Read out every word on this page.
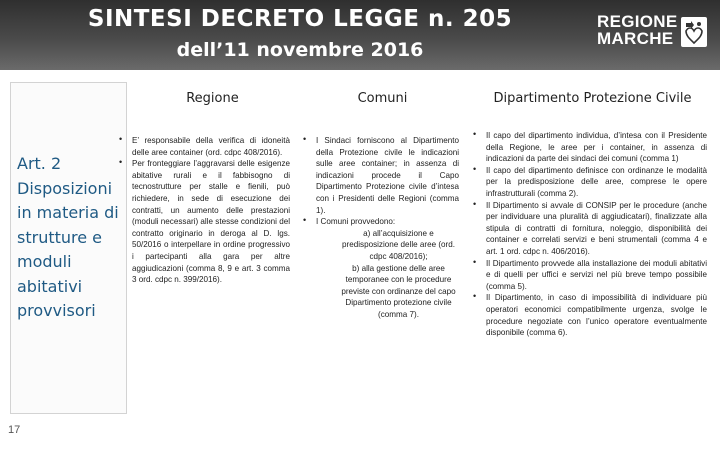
SINTESI DECRETO LEGGE n. 205
dell’11 novembre 2016
REGIONE
MARCHE
Art. 2
Disposizioni
in materia di
strutture e
moduli
abitativi
provvisori
17
Regione
• E’ responsabile della verifica di idoneità delle aree container (ord. cdpc 408/2016).
• Per fronteggiare l’aggravarsi delle esigenze abitative rurali e il fabbisogno di tecnostrutture per stalle e fienili, può richiedere, in sede di esecuzione dei contratti, un aumento delle prestazioni (moduli necessari) alle stesse condizioni del contratto originario in deroga al D. lgs. 50/2016 o interpellare in ordine progressivo i partecipanti alla gara per altre aggiudicazioni (comma 8, 9 e art. 3 comma 3 ord. cdpc n. 399/2016).
Comuni
• I Sindaci forniscono al Dipartimento della Protezione civile le indicazioni sulle aree container; in assenza di indicazioni procede il Capo Dipartimento Protezione civile d’intesa con i Presidenti delle Regioni (comma 1).
• I Comuni provvedono:
a) all’acquisizione e predisposizione delle aree (ord. cdpc 408/2016);
b) alla gestione delle aree temporanee con le procedure previste con ordinanze del capo Dipartimento protezione civile (comma 7).
Dipartimento Protezione Civile
• Il capo del dipartimento individua, d’intesa con il Presidente della Regione, le aree per i container, in assenza di indicazioni da parte dei sindaci dei comuni (comma 1)
• Il capo del dipartimento definisce con ordinanze le modalità per la predisposizione delle aree, comprese le opere infrastrutturali (comma 2).
• Il Dipartimento si avvale di CONSIP per le procedure (anche per individuare una pluralità di aggiudicatari), finalizzate alla stipula di contratti di fornitura, noleggio, disponibilità dei container e correlati servizi e beni strumentali (comma 4 e art. 1 ord. cdpc n. 406/2016).
• Il Dipartimento provvede alla installazione dei moduli abitativi e di quelli per uffici e servizi nel più breve tempo possibile (comma 5).
• Il Dipartimento, in caso di impossibilità di individuare più operatori economici compatibilmente urgenza, svolge le procedure negoziate con l’unico operatore eventualmente disponibile (comma 6).
